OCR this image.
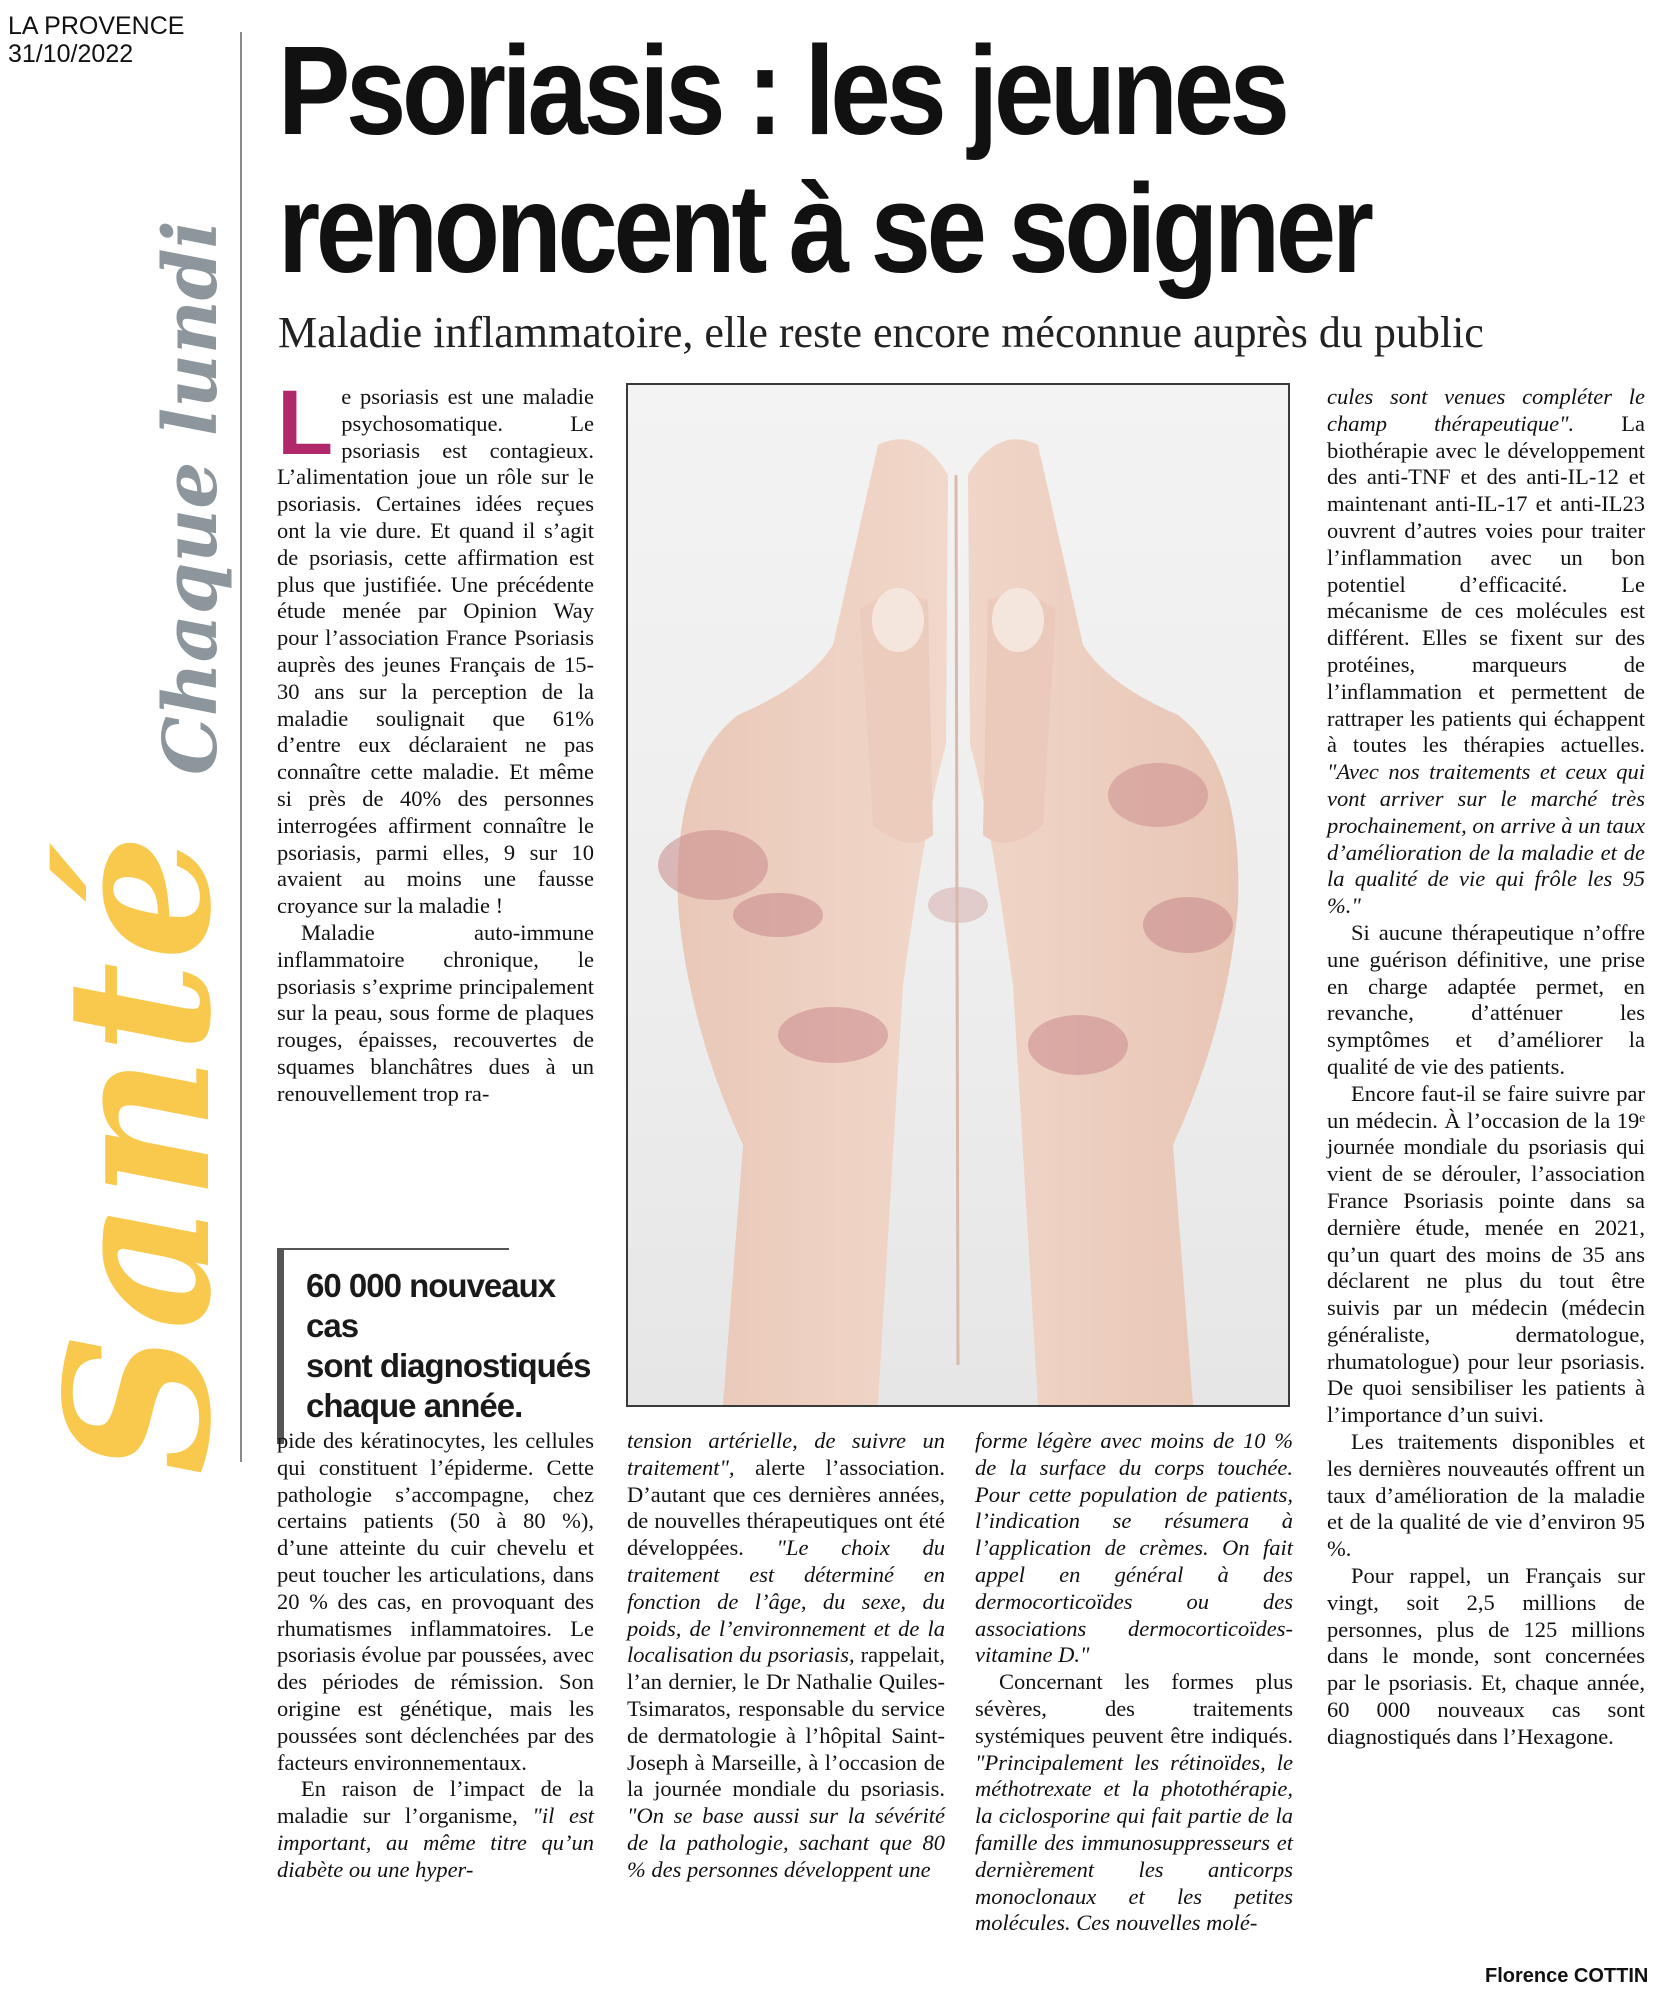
LA PROVENCE
31/10/2022
Santé
Chaque lundi
Psoriasis : les jeunes renoncent à se soigner
Maladie inflammatoire, elle reste encore méconnue auprès du public

Le psoriasis est une maladie psychosomatique. Le psoriasis est contagieux. L’alimentation joue un rôle sur le psoriasis. Certaines idées reçues ont la vie dure. Et quand il s’agit de psoriasis, cette affirmation est plus que justifiée. Une précédente étude menée par Opinion Way pour l’association France Psoriasis auprès des jeunes Français de 15-30 ans sur la perception de la maladie soulignait que 61% d’entre eux déclaraient ne pas connaître cette maladie. Et même si près de 40% des personnes interrogées affirment connaître le psoriasis, parmi elles, 9 sur 10 avaient au moins une fausse croyance sur la maladie !

Maladie auto-immune inflammatoire chronique, le psoriasis s’exprime principalement sur la peau, sous forme de plaques rouges, épaisses, recouvertes de squames blanchâtres dues à un renouvellement trop ra-

60 000 nouveaux cas
sont diagnostiqués
chaque année.

pide des kératinocytes, les cellules qui constituent l’épiderme. Cette pathologie s’accompagne, chez certains patients (50 à 80 %), d’une atteinte du cuir chevelu et peut toucher les articulations, dans 20 % des cas, en provoquant des rhumatismes inflammatoires. Le psoriasis évolue par poussées, avec des périodes de rémission. Son origine est génétique, mais les poussées sont déclenchées par des facteurs environnementaux.

En raison de l’impact de la maladie sur l’organisme, "il est important, au même titre qu’un diabète ou une hyper-

tension artérielle, de suivre un traitement", alerte l’association. D’autant que ces dernières années, de nouvelles thérapeutiques ont été développées. "Le choix du traitement est déterminé en fonction de l’âge, du sexe, du poids, de l’environnement et de la localisation du psoriasis, rappelait, l’an dernier, le Dr Nathalie Quiles-Tsimaratos, responsable du service de dermatologie à l’hôpital Saint-Joseph à Marseille, à l’occasion de la journée mondiale du psoriasis. "On se base aussi sur la sévérité de la pathologie, sachant que 80 % des personnes développent une

forme légère avec moins de 10 % de la surface du corps touchée. Pour cette population de patients, l’indication se résumera à l’application de crèmes. On fait appel en général à des dermocorticoïdes ou des associations dermocorticoïdes-vitamine D."

Concernant les formes plus sévères, des traitements systémiques peuvent être indiqués. "Principalement les rétinoïdes, le méthotrexate et la photothérapie, la ciclosporine qui fait partie de la famille des immunosuppresseurs et dernièrement les anticorps monoclonaux et les petites molécules. Ces nouvelles molé-

cules sont venues compléter le champ thérapeutique". La biothérapie avec le développement des anti-TNF et des anti-IL-12 et maintenant anti-IL-17 et anti-IL23 ouvrent d’autres voies pour traiter l’inflammation avec un bon potentiel d’efficacité. Le mécanisme de ces molécules est différent. Elles se fixent sur des protéines, marqueurs de l’inflammation et permettent de rattraper les patients qui échappent à toutes les thérapies actuelles. "Avec nos traitements et ceux qui vont arriver sur le marché très prochainement, on arrive à un taux d’amélioration de la maladie et de la qualité de vie qui frôle les 95 %."

Si aucune thérapeutique n’offre une guérison définitive, une prise en charge adaptée permet, en revanche, d’atténuer les symptômes et d’améliorer la qualité de vie des patients.

Encore faut-il se faire suivre par un médecin. À l’occasion de la 19ᵉ journée mondiale du psoriasis qui vient de se dérouler, l’association France Psoriasis pointe dans sa dernière étude, menée en 2021, qu’un quart des moins de 35 ans déclarent ne plus du tout être suivis par un médecin (médecin généraliste, dermatologue, rhumatologue) pour leur psoriasis. De quoi sensibiliser les patients à l’importance d’un suivi.

Les traitements disponibles et les dernières nouveautés offrent un taux d’amélioration de la maladie et de la qualité de vie d’environ 95 %.

Pour rappel, un Français sur vingt, soit 2,5 millions de personnes, plus de 125 millions dans le monde, sont concernées par le psoriasis. Et, chaque année, 60 000 nouveaux cas sont diagnostiqués dans l’Hexagone.

Florence COTTIN
